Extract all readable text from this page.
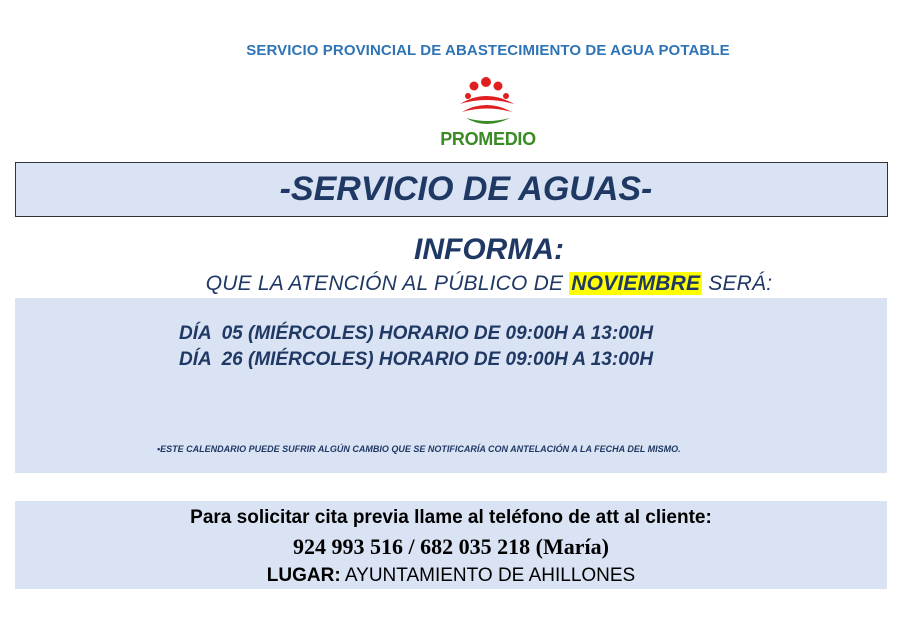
SERVICIO PROVINCIAL DE ABASTECIMIENTO DE AGUA POTABLE
PROMEDIO
-SERVICIO DE AGUAS-
INFORMA:
QUE LA ATENCIÓN AL PÚBLICO DE NOVIEMBRE SERÁ:
DÍA  05 (MIÉRCOLES) HORARIO DE 09:00H A 13:00H
DÍA  26 (MIÉRCOLES) HORARIO DE 09:00H A 13:00H
•ESTE CALENDARIO PUEDE SUFRIR ALGÚN CAMBIO QUE SE NOTIFICARÍA CON ANTELACIÓN A LA FECHA DEL MISMO.
Para solicitar cita previa llame al teléfono de att al cliente:
924 993 516 / 682 035 218 (María)
LUGAR: AYUNTAMIENTO DE AHILLONES
